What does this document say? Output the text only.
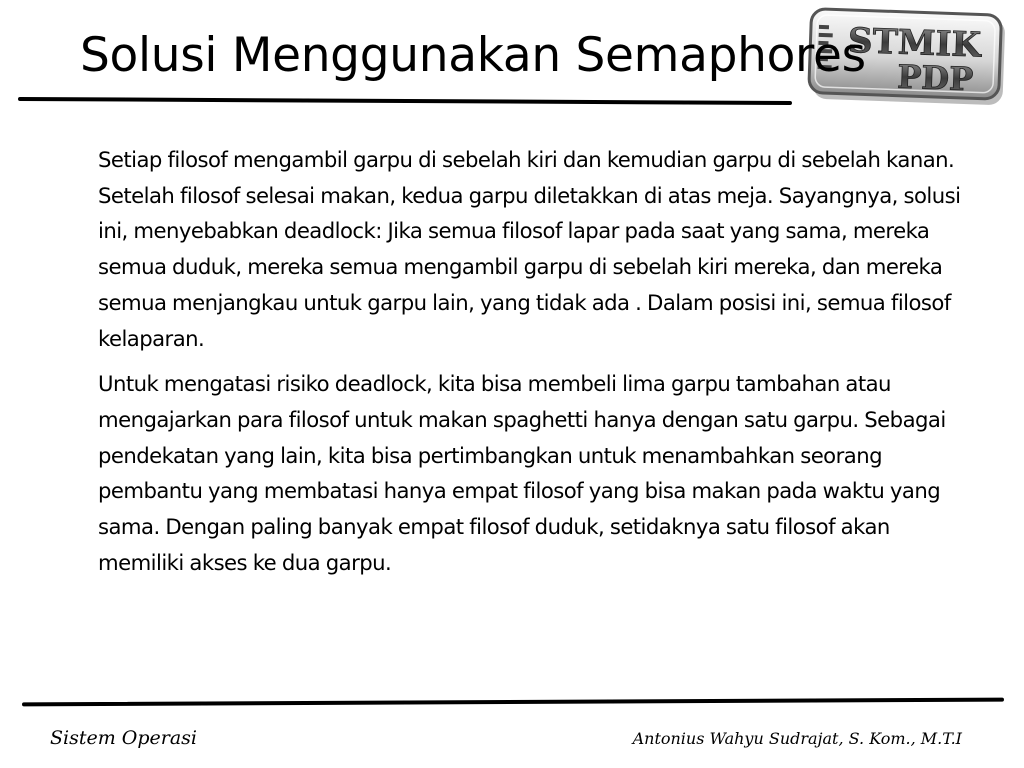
STMIK
PDP
Solusi Menggunakan Semaphores

Setiap filosof mengambil garpu di sebelah kiri dan kemudian garpu di sebelah kanan. Setelah filosof selesai makan, kedua garpu diletakkan di atas meja. Sayangnya, solusi ini, menyebabkan deadlock: Jika semua filosof lapar pada saat yang sama, mereka semua duduk, mereka semua mengambil garpu di sebelah kiri mereka, dan mereka semua menjangkau untuk garpu lain, yang tidak ada . Dalam posisi ini, semua filosof kelaparan.

Untuk mengatasi risiko deadlock, kita bisa membeli lima garpu tambahan atau mengajarkan para filosof untuk makan spaghetti hanya dengan satu garpu. Sebagai pendekatan yang lain, kita bisa pertimbangkan untuk menambahkan seorang pembantu yang membatasi hanya empat filosof yang bisa makan pada waktu yang sama. Dengan paling banyak empat filosof duduk, setidaknya satu filosof akan memiliki akses ke dua garpu.

Sistem Operasi	Antonius Wahyu Sudrajat, S. Kom., M.T.I
